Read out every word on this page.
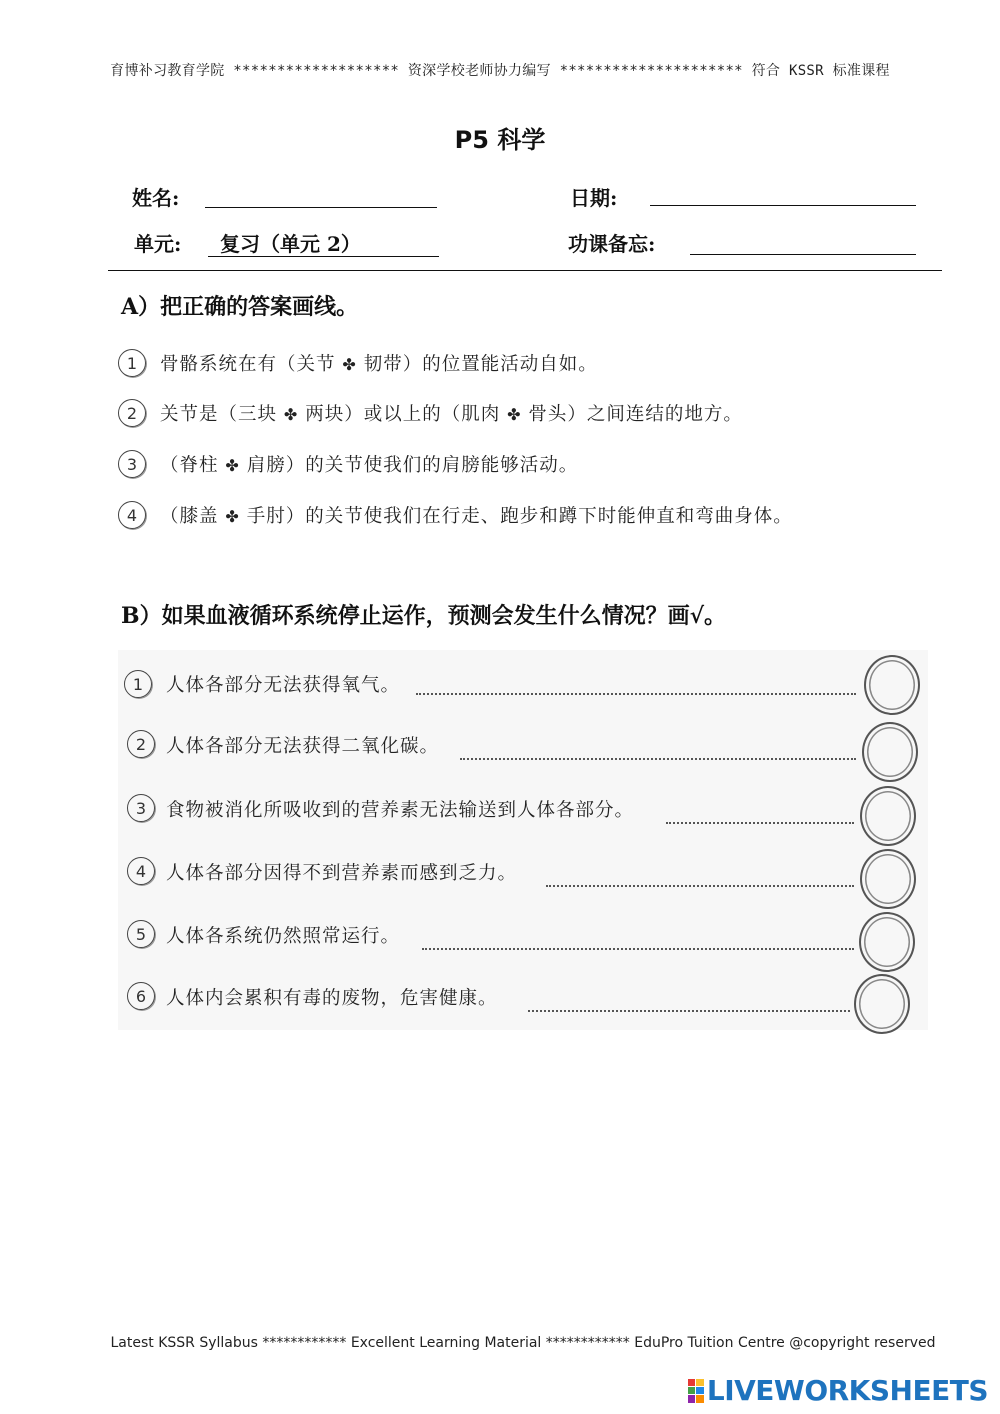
育博补习教育学院 ******************* 资深学校老师协力编写 ********************* 符合 KSSR 标准课程
P5 科学
姓名:	日期:
单元: 复习（单元 2）	功课备忘:
A）把正确的答案画线。
1	骨骼系统在有（关节 ✤ 韧带）的位置能活动自如。
2	关节是（三块 ✤ 两块）或以上的（肌肉 ✤ 骨头）之间连结的地方。
3	（脊柱 ✤ 肩膀）的关节使我们的肩膀能够活动。
4	（膝盖 ✤ 手肘）的关节使我们在行走、跑步和蹲下时能伸直和弯曲身体。
B）如果血液循环系统停止运作，预测会发生什么情况？画√。
1	人体各部分无法获得氧气。
2	人体各部分无法获得二氧化碳。
3	食物被消化所吸收到的营养素无法输送到人体各部分。
4	人体各部分因得不到营养素而感到乏力。
5	人体各系统仍然照常运行。
6	人体内会累积有毒的废物，危害健康。
Latest KSSR Syllabus ************ Excellent Learning Material ************ EduPro Tuition Centre @copyright reserved
LIVEWORKSHEETS
